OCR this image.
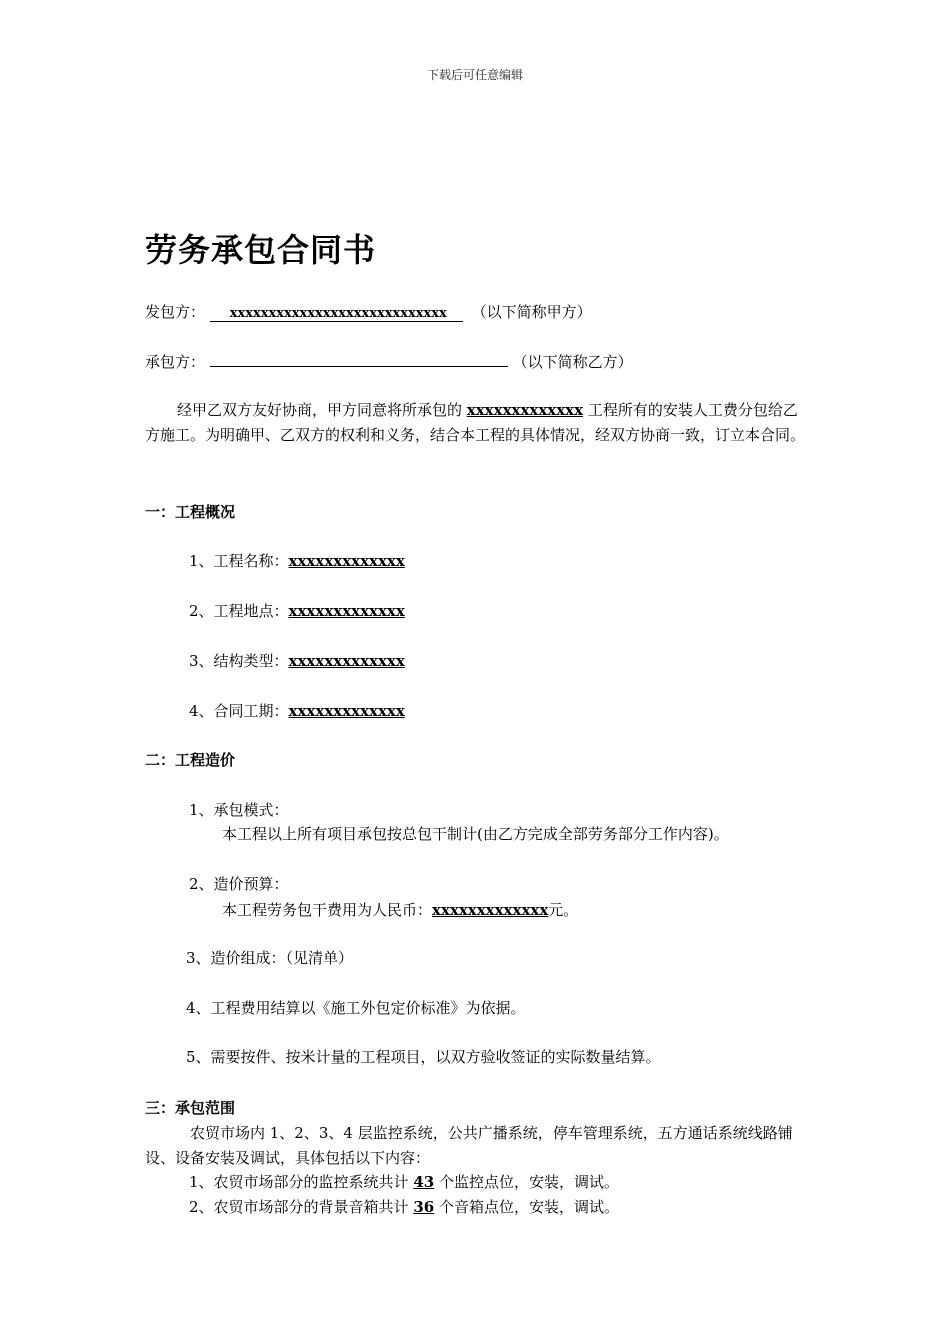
下载后可任意编辑
劳务承包合同书
发包方： xxxxxxxxxxxxxxxxxxxxxxxxxxxx （以下简称甲方）
承包方：	（以下简称乙方）
经甲乙双方友好协商，甲方同意将所承包的 xxxxxxxxxxxxx 工程所有的安装人工费分包给乙方施工。为明确甲、乙双方的权利和义务，结合本工程的具体情况，经双方协商一致，订立本合同。
一：工程概况
1、工程名称：xxxxxxxxxxxxx
2、工程地点：xxxxxxxxxxxxx
3、结构类型：xxxxxxxxxxxxx
4、合同工期：xxxxxxxxxxxxx
二：工程造价
1、承包模式：
本工程以上所有项目承包按总包干制计(由乙方完成全部劳务部分工作内容)。
2、造价预算：
本工程劳务包干费用为人民币：xxxxxxxxxxxxx元。
3、造价组成：（见清单）
4、工程费用结算以《施工外包定价标准》为依据。
5、需要按件、按米计量的工程项目，以双方验收签证的实际数量结算。
三：承包范围
农贸市场内 1、2、3、4 层监控系统，公共广播系统，停车管理系统，五方通话系统线路铺设、设备安装及调试，具体包括以下内容：
1、农贸市场部分的监控系统共计 43 个监控点位，安装，调试。
2、农贸市场部分的背景音箱共计 36 个音箱点位，安装，调试。
